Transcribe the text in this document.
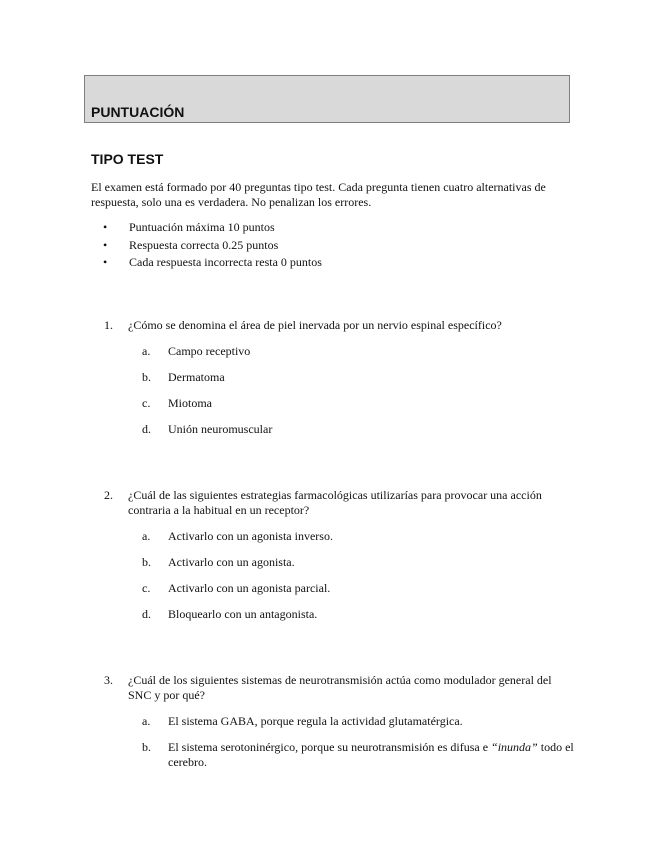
PUNTUACIÓN
TIPO TEST
El examen está formado por 40 preguntas tipo test. Cada pregunta tienen cuatro alternativas de respuesta, solo una es verdadera. No penalizan los errores.
• Puntuación máxima 10 puntos
• Respuesta correcta 0.25 puntos
• Cada respuesta incorrecta resta 0 puntos
1. ¿Cómo se denomina el área de piel inervada por un nervio espinal específico?
a. Campo receptivo
b. Dermatoma
c. Miotoma
d. Unión neuromuscular
2. ¿Cuál de las siguientes estrategias farmacológicas utilizarías para provocar una acción contraria a la habitual en un receptor?
a. Activarlo con un agonista inverso.
b. Activarlo con un agonista.
c. Activarlo con un agonista parcial.
d. Bloquearlo con un antagonista.
3. ¿Cuál de los siguientes sistemas de neurotransmisión actúa como modulador general del SNC y por qué?
a. El sistema GABA, porque regula la actividad glutamatérgica.
b. El sistema serotoninérgico, porque su neurotransmisión es difusa e “inunda” todo el cerebro.
